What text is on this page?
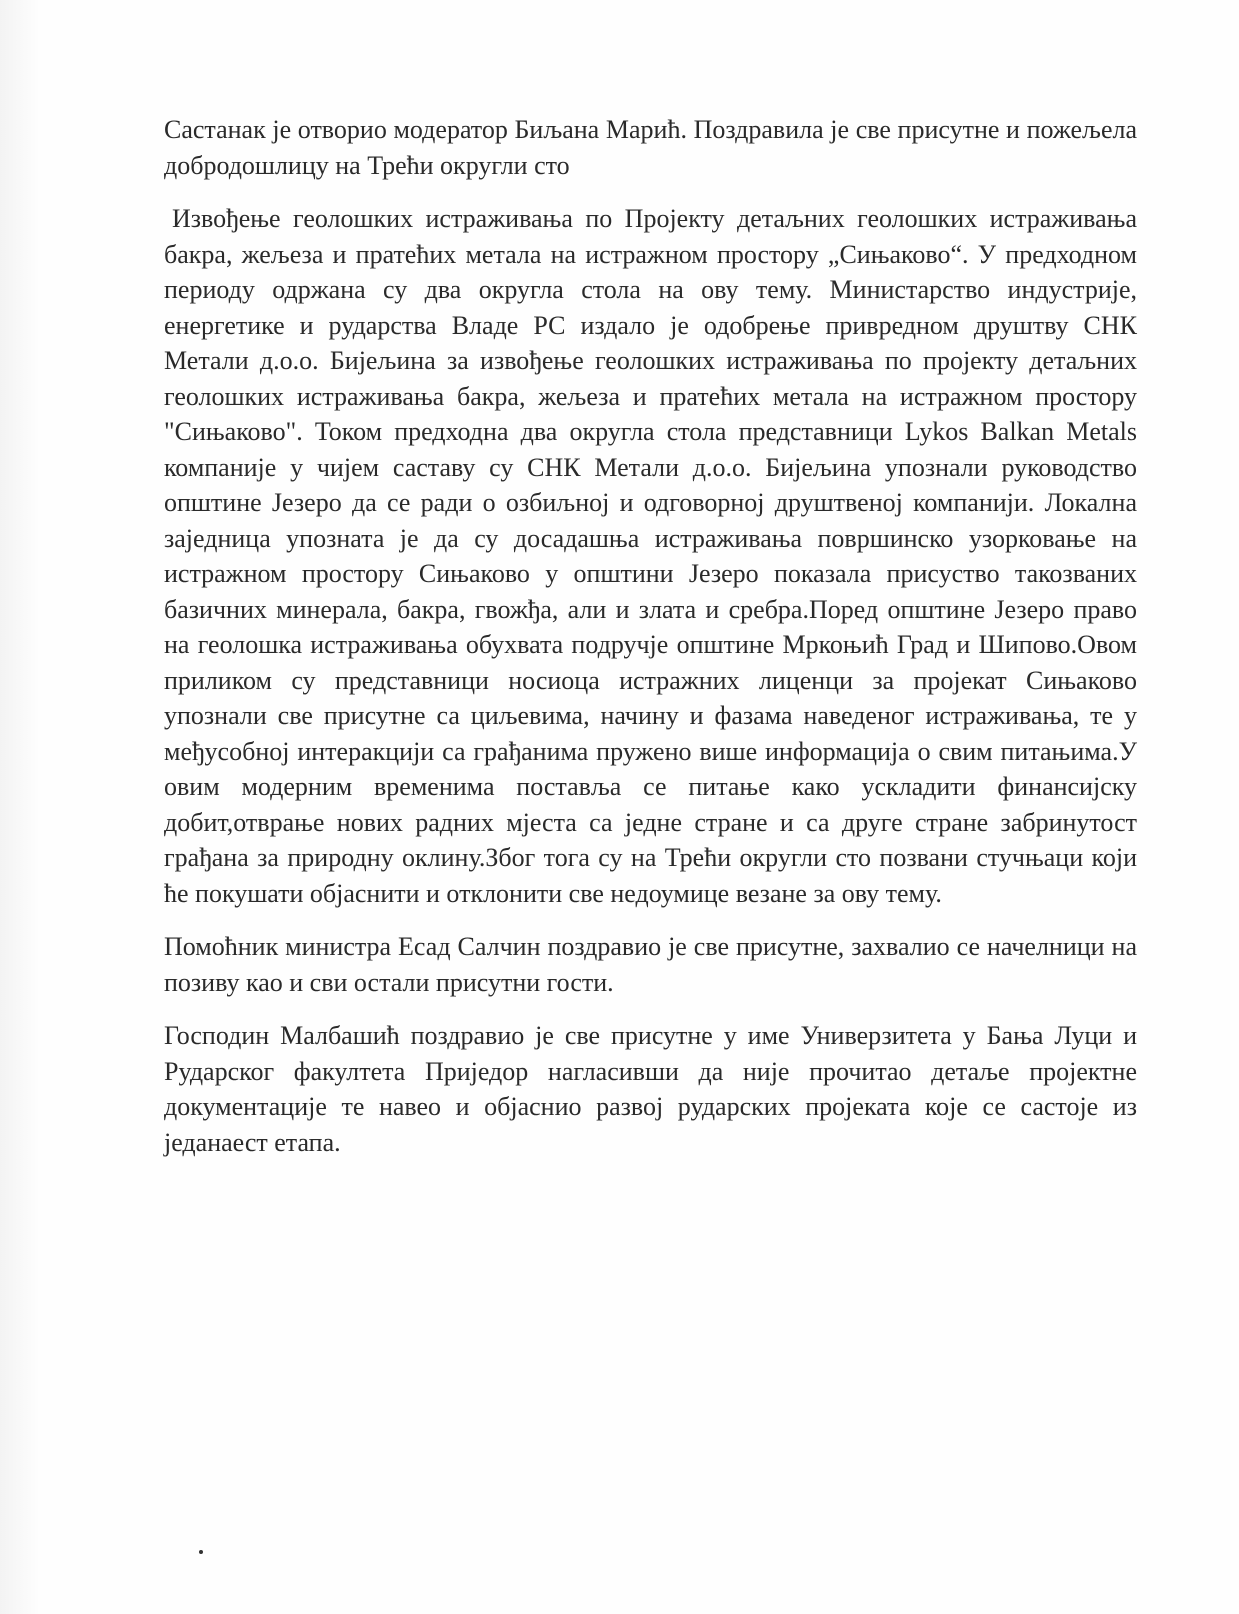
Састанак је отворио модератор Биљана Марић. Поздравила је све присутне и пожељела добродошлицу на Трећи округли сто

Извођење геолошких истраживања по Пројекту детаљних геолошких истраживања бакра, жељеза и пратећих метала на истражном простору „Сињаково“. У предходном периоду одржана су два округла стола на ову тему. Министарство индустрије, енергетике и рударства Владе РС издало је одобрење привредном друштву СНК Метали д.о.о. Бијељина за извођење геолошких истраживања по пројекту детаљних геолошких истраживања бакра, жељеза и пратећих метала на истражном простору "Сињаково". Током предходна два округла стола представници Lykos Balkan Metals компаније у чијем саставу су СНК Метали д.о.о. Бијељина упознали руководство општине Језеро да се ради о озбиљној и одговорној друштвеној компанији. Локална заједница упозната је да су досадашња истраживања површинско узорковање на истражном простору Сињаково у општини Језеро показала присуство такозваних базичних минерала, бакра, гвожђа, али и злата и сребра.Поред општине Језеро право на геолошка истраживања обухвата подручје општине Мркоњић Град и Шипово.Овом приликом су представници носиоца истражних лиценци за пројекат Сињаково упознали све присутне са циљевима, начину и фазама наведеног истраживања, те у међусобној интеракцији са грађанима пружено више информација о свим питањима.У овим модерним временима поставља се питање како ускладити финансијску добит,отврање нових радних мјеста са једне стране и са друге стране забринутост грађана за природну оклину.Због тога су на Трећи округли сто позвани стучњаци који ће покушати објаснити и отклонити све недоумице везане за ову тему.

Помоћник министра Есад Салчин поздравио је све присутне, захвалио се начелници на позиву као и сви остали присутни гости.

Господин Малбашић поздравио је све присутне у име Универзитета у Бања Луци и Рударског факултета Приједор нагласивши да није прочитао детаље пројектне документације те навео и објаснио развој рударских пројеката које се састоје из једанаест етапа.
